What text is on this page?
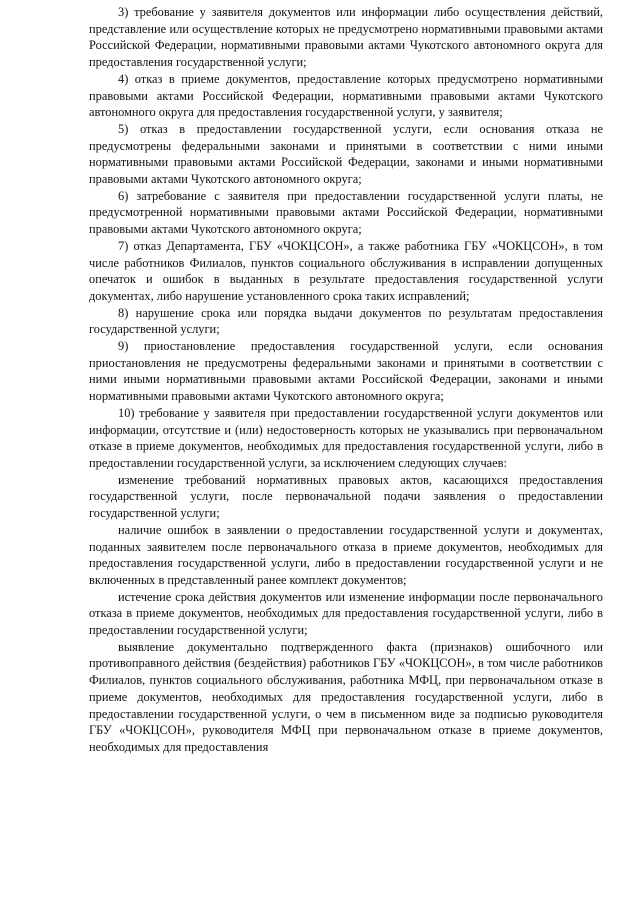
3) требование у заявителя документов или информации либо осуществления действий, представление или осуществление которых не предусмотрено нормативными правовыми актами Российской Федерации, нормативными правовыми актами Чукотского автономного округа для предоставления государственной услуги;

4) отказ в приеме документов, предоставление которых предусмотрено нормативными правовыми актами Российской Федерации, нормативными правовыми актами Чукотского автономного округа для предоставления государственной услуги, у заявителя;

5) отказ в предоставлении государственной услуги, если основания отказа не предусмотрены федеральными законами и принятыми в соответствии с ними иными нормативными правовыми актами Российской Федерации, законами и иными нормативными правовыми актами Чукотского автономного округа;

6) затребование с заявителя при предоставлении государственной услуги платы, не предусмотренной нормативными правовыми актами Российской Федерации, нормативными правовыми актами Чукотского автономного округа;

7) отказ Департамента, ГБУ «ЧОКЦСОН», а также работника ГБУ «ЧОКЦСОН», в том числе работников Филиалов, пунктов социального обслуживания в исправлении допущенных опечаток и ошибок в выданных в результате предоставления государственной услуги документах, либо нарушение установленного срока таких исправлений;

8) нарушение срока или порядка выдачи документов по результатам предоставления государственной услуги;

9) приостановление предоставления государственной услуги, если основания приостановления не предусмотрены федеральными законами и принятыми в соответствии с ними иными нормативными правовыми актами Российской Федерации, законами и иными нормативными правовыми актами Чукотского автономного округа;

10) требование у заявителя при предоставлении государственной услуги документов или информации, отсутствие и (или) недостоверность которых не указывались при первоначальном отказе в приеме документов, необходимых для предоставления государственной услуги, либо в предоставлении государственной услуги, за исключением следующих случаев:

изменение требований нормативных правовых актов, касающихся предоставления государственной услуги, после первоначальной подачи заявления о предоставлении государственной услуги;

наличие ошибок в заявлении о предоставлении государственной услуги и документах, поданных заявителем после первоначального отказа в приеме документов, необходимых для предоставления государственной услуги, либо в предоставлении государственной услуги и не включенных в представленный ранее комплект документов;

истечение срока действия документов или изменение информации после первоначального отказа в приеме документов, необходимых для предоставления государственной услуги, либо в предоставлении государственной услуги;

выявление документально подтвержденного факта (признаков) ошибочного или противоправного действия (бездействия) работников ГБУ «ЧОКЦСОН», в том числе работников Филиалов, пунктов социального обслуживания, работника МФЦ, при первоначальном отказе в приеме документов, необходимых для предоставления государственной услуги, либо в предоставлении государственной услуги, о чем в письменном виде за подписью руководителя ГБУ «ЧОКЦСОН», руководителя МФЦ при первоначальном отказе в приеме документов, необходимых для предоставления
